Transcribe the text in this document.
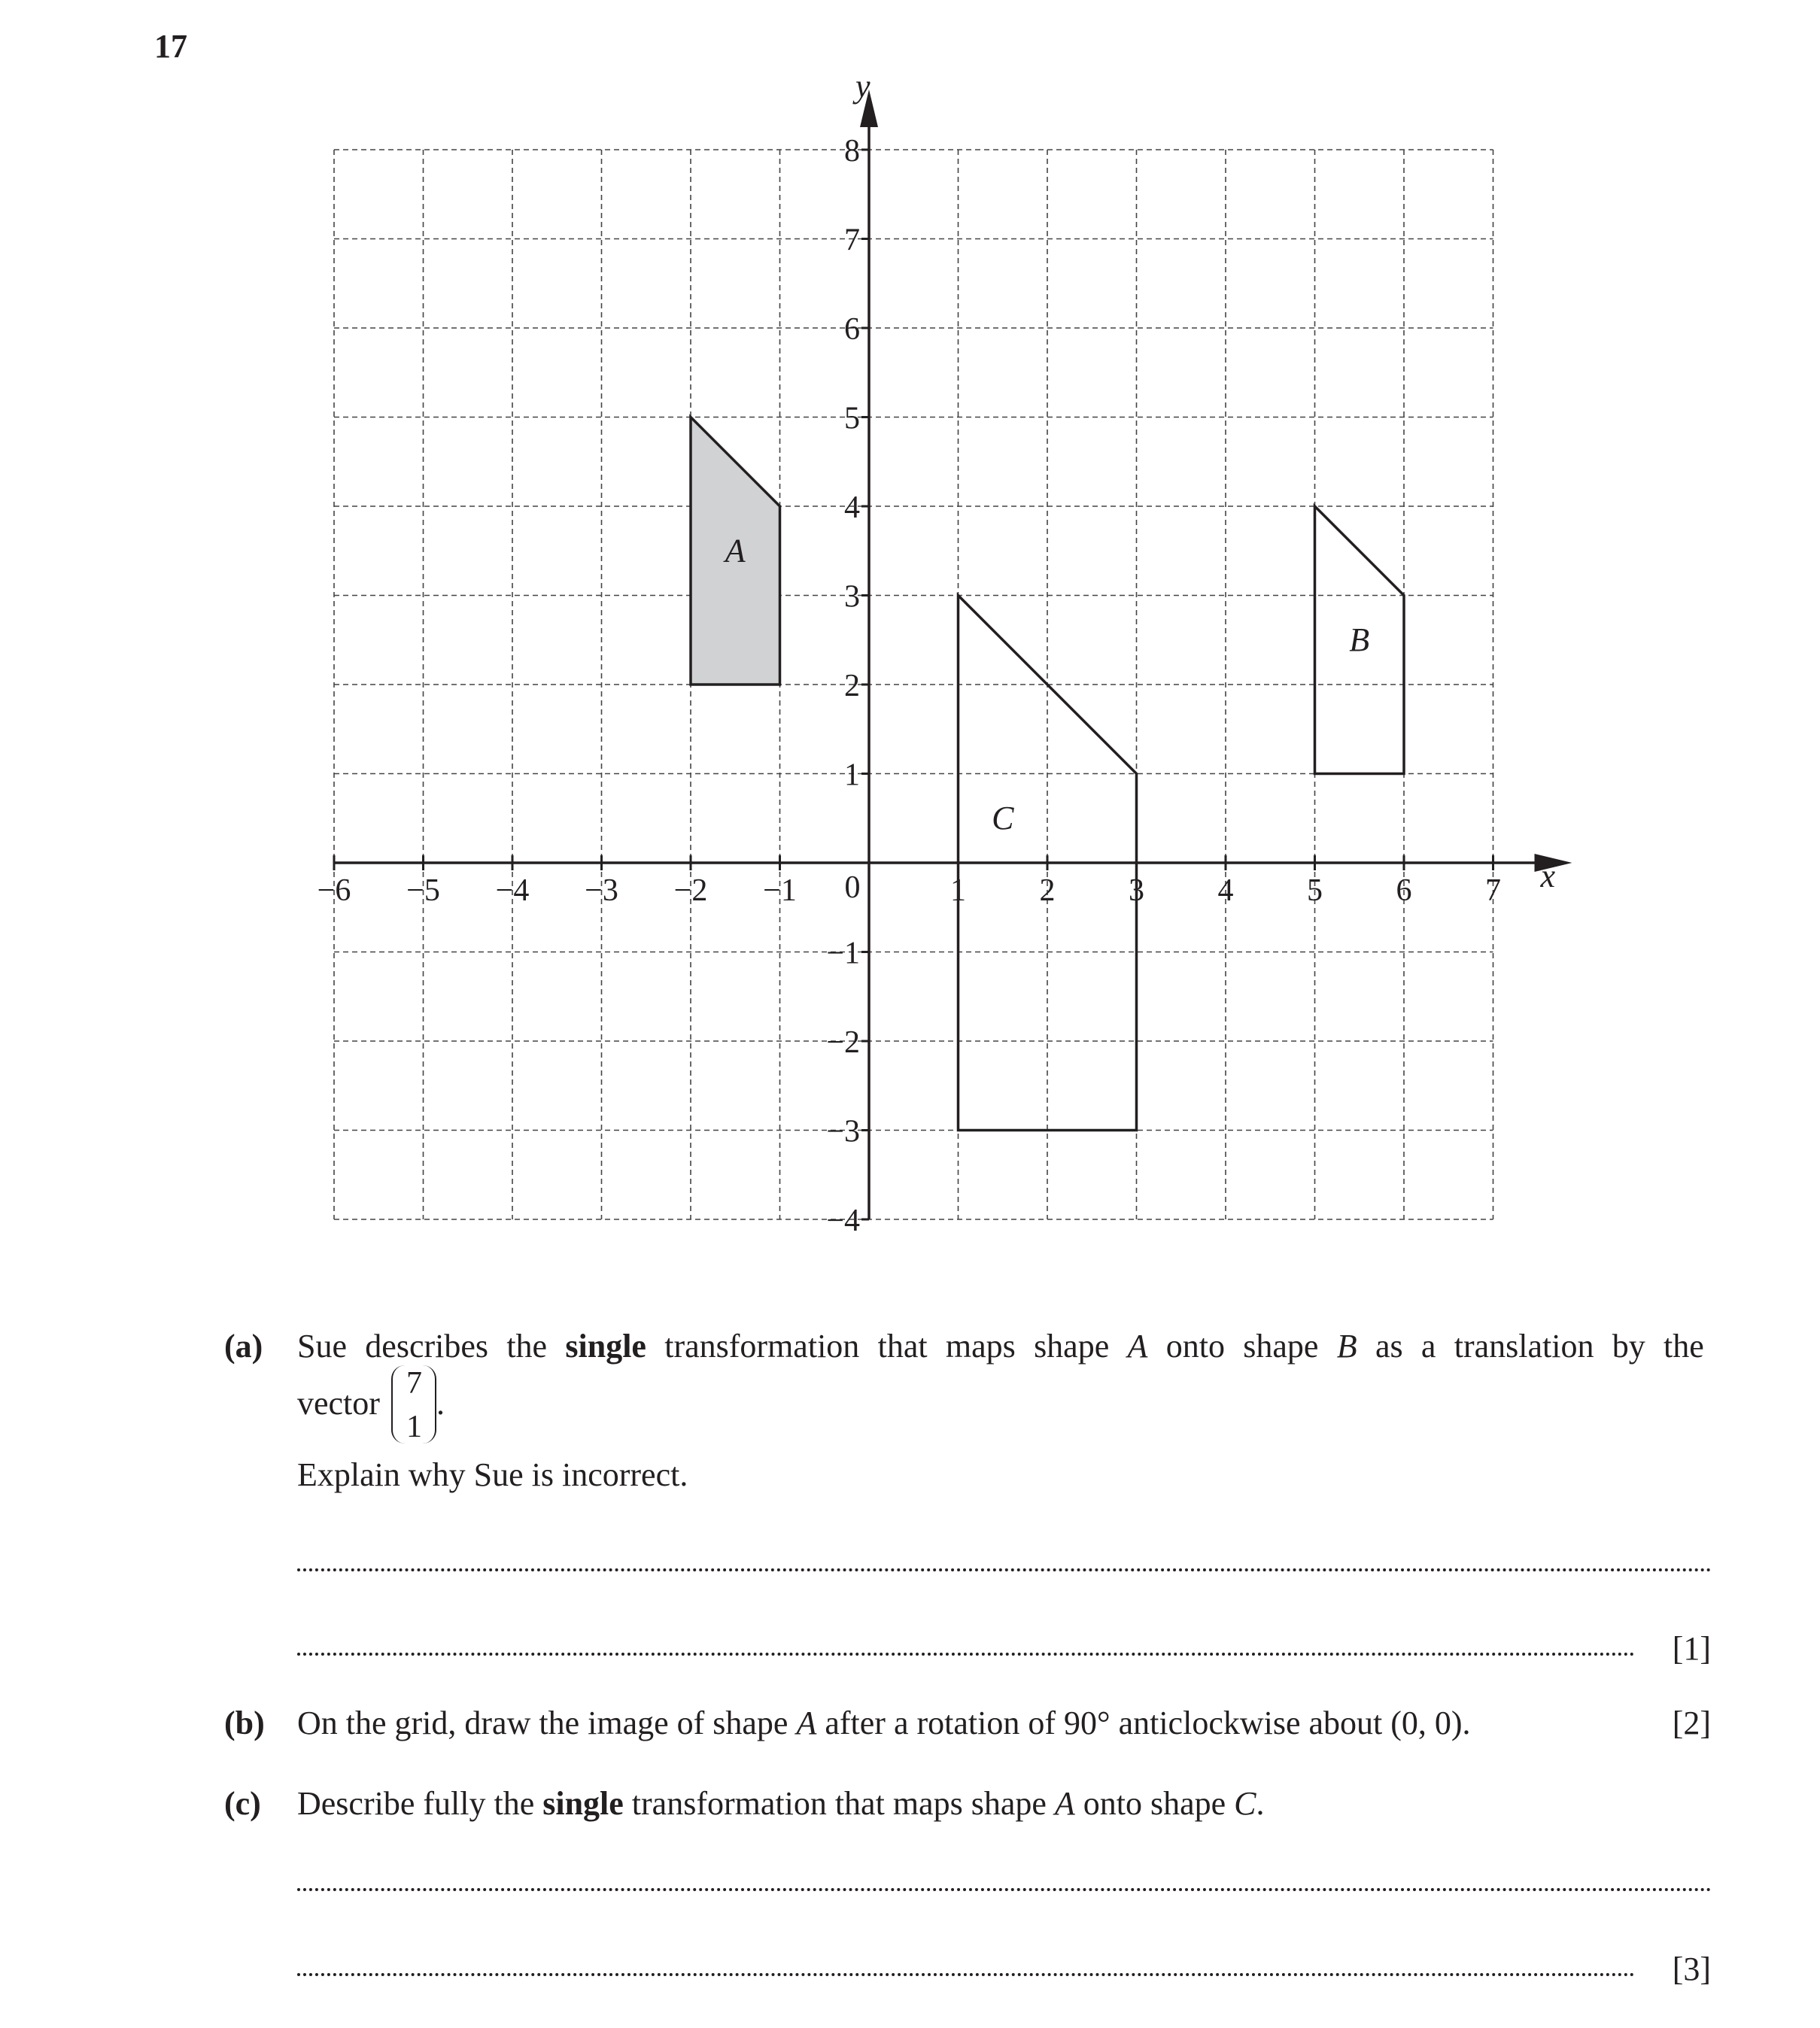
17
A
B
C
x
y
−6 −5 −4 −3 −2 −1	1 2 3 4 5 6 7
8
7
6
5
4
3
2
1
−1
−2
−3
−4
0
(a) Sue describes the single transformation that maps shape A onto shape B as a translation by the
vector
7
1
.
Explain why Sue is incorrect.
[1]
(b) On the grid, draw the image of shape A after a rotation of 90° anticlockwise about (0, 0).	[2]
(c) Describe fully the single transformation that maps shape A onto shape C.
[3]
